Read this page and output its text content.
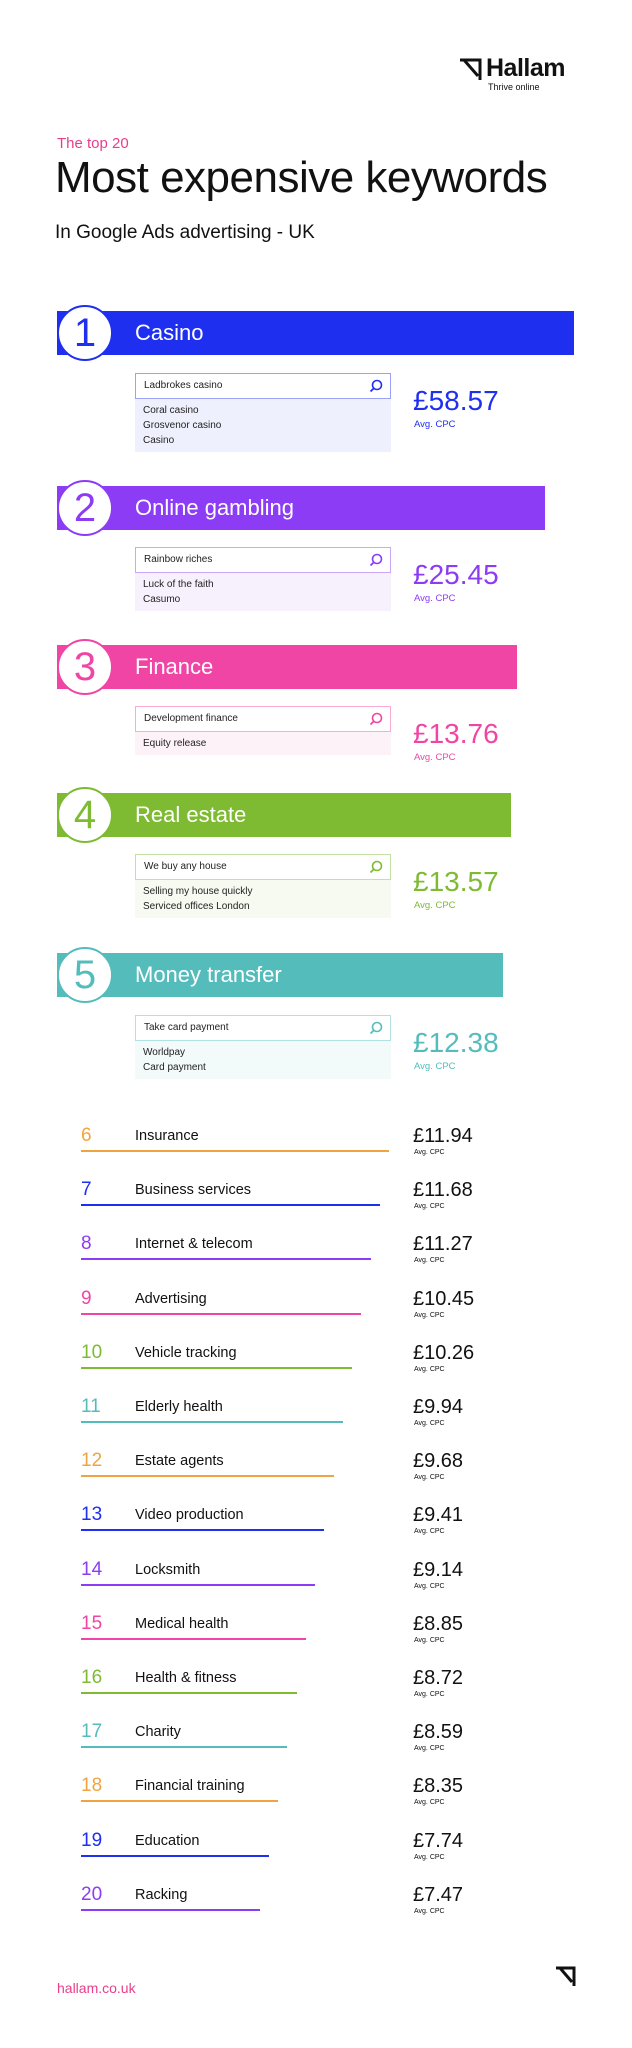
Hallam
Thrive online
The top 20
Most expensive keywords
In Google Ads advertising - UK
Casino
1
Ladbrokes casino
Coral casino
Grosvenor casino
Casino
£58.57
Avg. CPC
Online gambling
2
Rainbow riches
Luck of the faith
Casumo
£25.45
Avg. CPC
Finance
3
Development finance
Equity release	£13.76
Avg. CPC
Real estate
4
We buy any house
Selling my house quickly
Serviced offices London
£13.57
Avg. CPC
Money transfer
5
Take card payment
Worldpay
Card payment
£12.38
Avg. CPC
6	Insurance	£11.94
Avg. CPC
7	Business services	£11.68
Avg. CPC
8	Internet & telecom	£11.27
Avg. CPC
9	Advertising	£10.45
Avg. CPC
10 Vehicle tracking	£10.26
Avg. CPC
11 Elderly health	£9.94
Avg. CPC
12 Estate agents	£9.68
Avg. CPC
13 Video production	£9.41
Avg. CPC
14 Locksmith	£9.14
Avg. CPC
15 Medical health	£8.85
Avg. CPC
16 Health & fitness	£8.72
Avg. CPC
17 Charity	£8.59
Avg. CPC
18 Financial training	£8.35
Avg. CPC
19 Education	£7.74
Avg. CPC
20 Racking	£7.47
Avg. CPC
hallam.co.uk
